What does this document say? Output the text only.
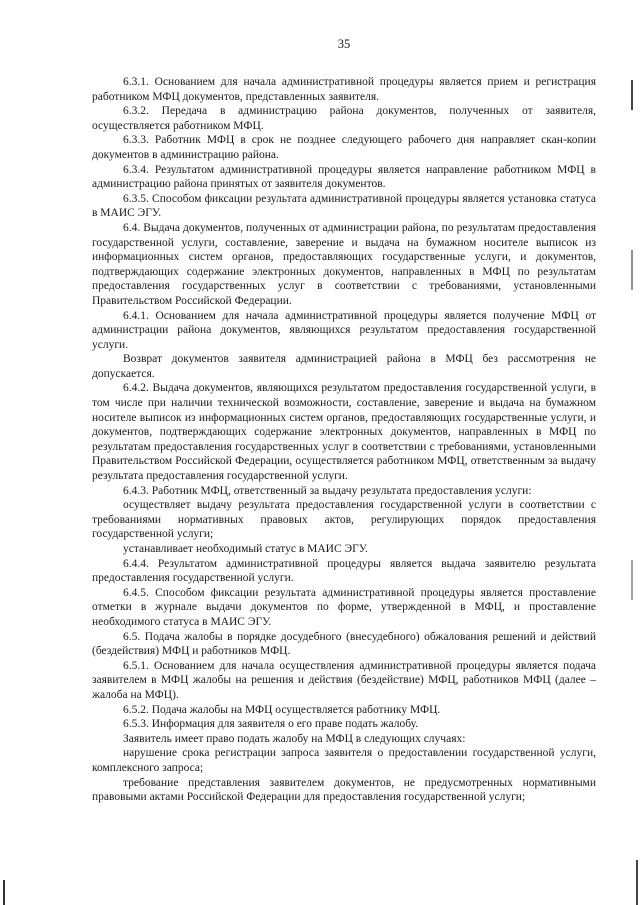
35

6.3.1. Основанием для начала административной процедуры является прием и регистрация работником МФЦ документов, представленных заявителя.

6.3.2. Передача в администрацию района документов, полученных от заявителя, осуществляется работником МФЦ.

6.3.3. Работник МФЦ в срок не позднее следующего рабочего дня направляет скан-копии документов в администрацию района.

6.3.4. Результатом административной процедуры является направление работником МФЦ в администрацию района принятых от заявителя документов.

6.3.5. Способом фиксации результата административной процедуры является установка статуса в МАИС ЭГУ.

6.4. Выдача документов, полученных от администрации района, по результатам предоставления государственной услуги, составление, заверение и выдача на бумажном носителе выписок из информационных систем органов, предоставляющих государственные услуги, и документов, подтверждающих содержание электронных документов, направленных в МФЦ по результатам предоставления государственных услуг в соответствии с требованиями, установленными Правительством Российской Федерации.

6.4.1. Основанием для начала административной процедуры является получение МФЦ от администрации района документов, являющихся результатом предоставления государственной услуги.

Возврат документов заявителя администрацией района в МФЦ без рассмотрения не допускается.

6.4.2. Выдача документов, являющихся результатом предоставления государственной услуги, в том числе при наличии технической возможности, составление, заверение и выдача на бумажном носителе выписок из информационных систем органов, предоставляющих государственные услуги, и документов, подтверждающих содержание электронных документов, направленных в МФЦ по результатам предоставления государственных услуг в соответствии с требованиями, установленными Правительством Российской Федерации, осуществляется работником МФЦ, ответственным за выдачу результата предоставления государственной услуги.

6.4.3. Работник МФЦ, ответственный за выдачу результата предоставления услуги:

осуществляет выдачу результата предоставления государственной услуги в соответствии с требованиями нормативных правовых актов, регулирующих порядок предоставления государственной услуги;

устанавливает необходимый статус в МАИС ЭГУ.

6.4.4. Результатом административной процедуры является выдача заявителю результата предоставления государственной услуги.

6.4.5. Способом фиксации результата административной процедуры является проставление отметки в журнале выдачи документов по форме, утвержденной в МФЦ, и проставление необходимого статуса в МАИС ЭГУ.

6.5. Подача жалобы в порядке досудебного (внесудебного) обжалования решений и действий (бездействия) МФЦ и работников МФЦ.

6.5.1. Основанием для начала осуществления административной процедуры является подача заявителем в МФЦ жалобы на решения и действия (бездействие) МФЦ, работников МФЦ (далее – жалоба на МФЦ).

6.5.2. Подача жалобы на МФЦ осуществляется работнику МФЦ.

6.5.3. Информация для заявителя о его праве подать жалобу.

Заявитель имеет право подать жалобу на МФЦ в следующих случаях:

нарушение срока регистрации запроса заявителя о предоставлении государственной услуги, комплексного запроса;

требование представления заявителем документов, не предусмотренных нормативными правовыми актами Российской Федерации для предоставления государственной услуги;
